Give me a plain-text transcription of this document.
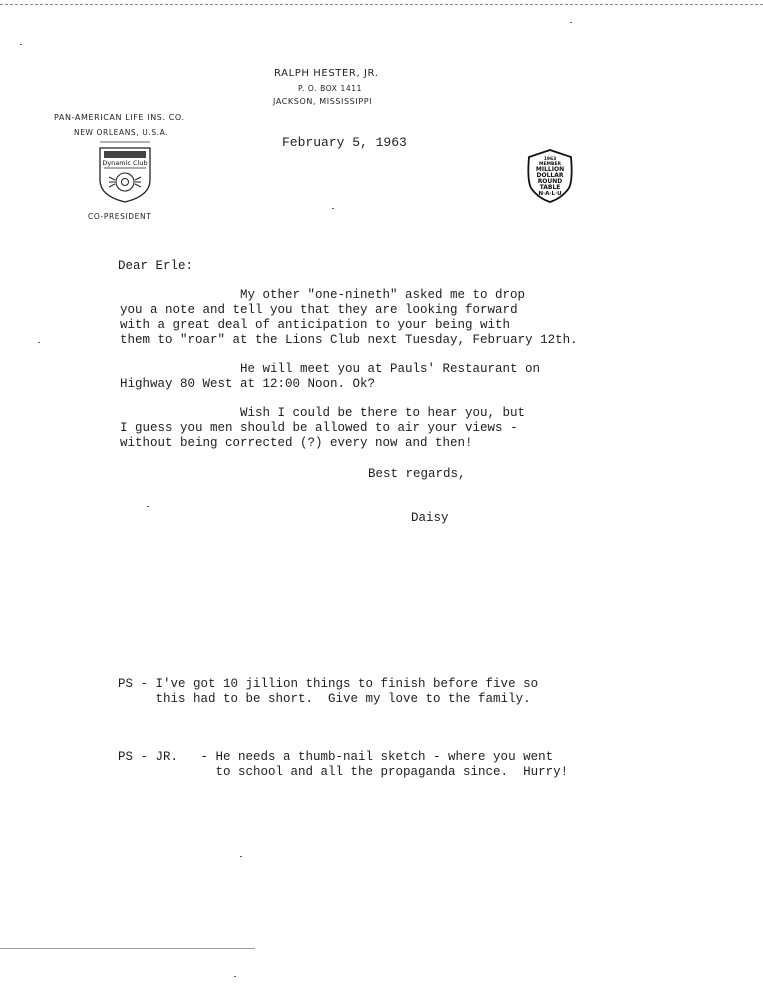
RALPH HESTER, JR.
P. O. BOX 1411
JACKSON, MISSISSIPPI
PAN-AMERICAN LIFE INS. CO.
NEW ORLEANS, U.S.A.
Dynamic Club
CO-PRESIDENT
February 5, 1963
1963
MEMBER
MILLION
DOLLAR
ROUND
TABLE
N·A·L·U
Dear Erle:
My other "one-nineth" asked me to drop
you a note and tell you that they are looking forward
with a great deal of anticipation to your being with
them to "roar" at the Lions Club next Tuesday, February 12th.
He will meet you at Pauls' Restaurant on
Highway 80 West at 12:00 Noon. Ok?
Wish I could be there to hear you, but
I guess you men should be allowed to air your views -
without being corrected (?) every now and then!
Best regards,
Daisy
PS - I've got 10 jillion things to finish before five so
this had to be short.  Give my love to the family.
PS - JR.   - He needs a thumb-nail sketch - where you went
to school and all the propaganda since.  Hurry!
